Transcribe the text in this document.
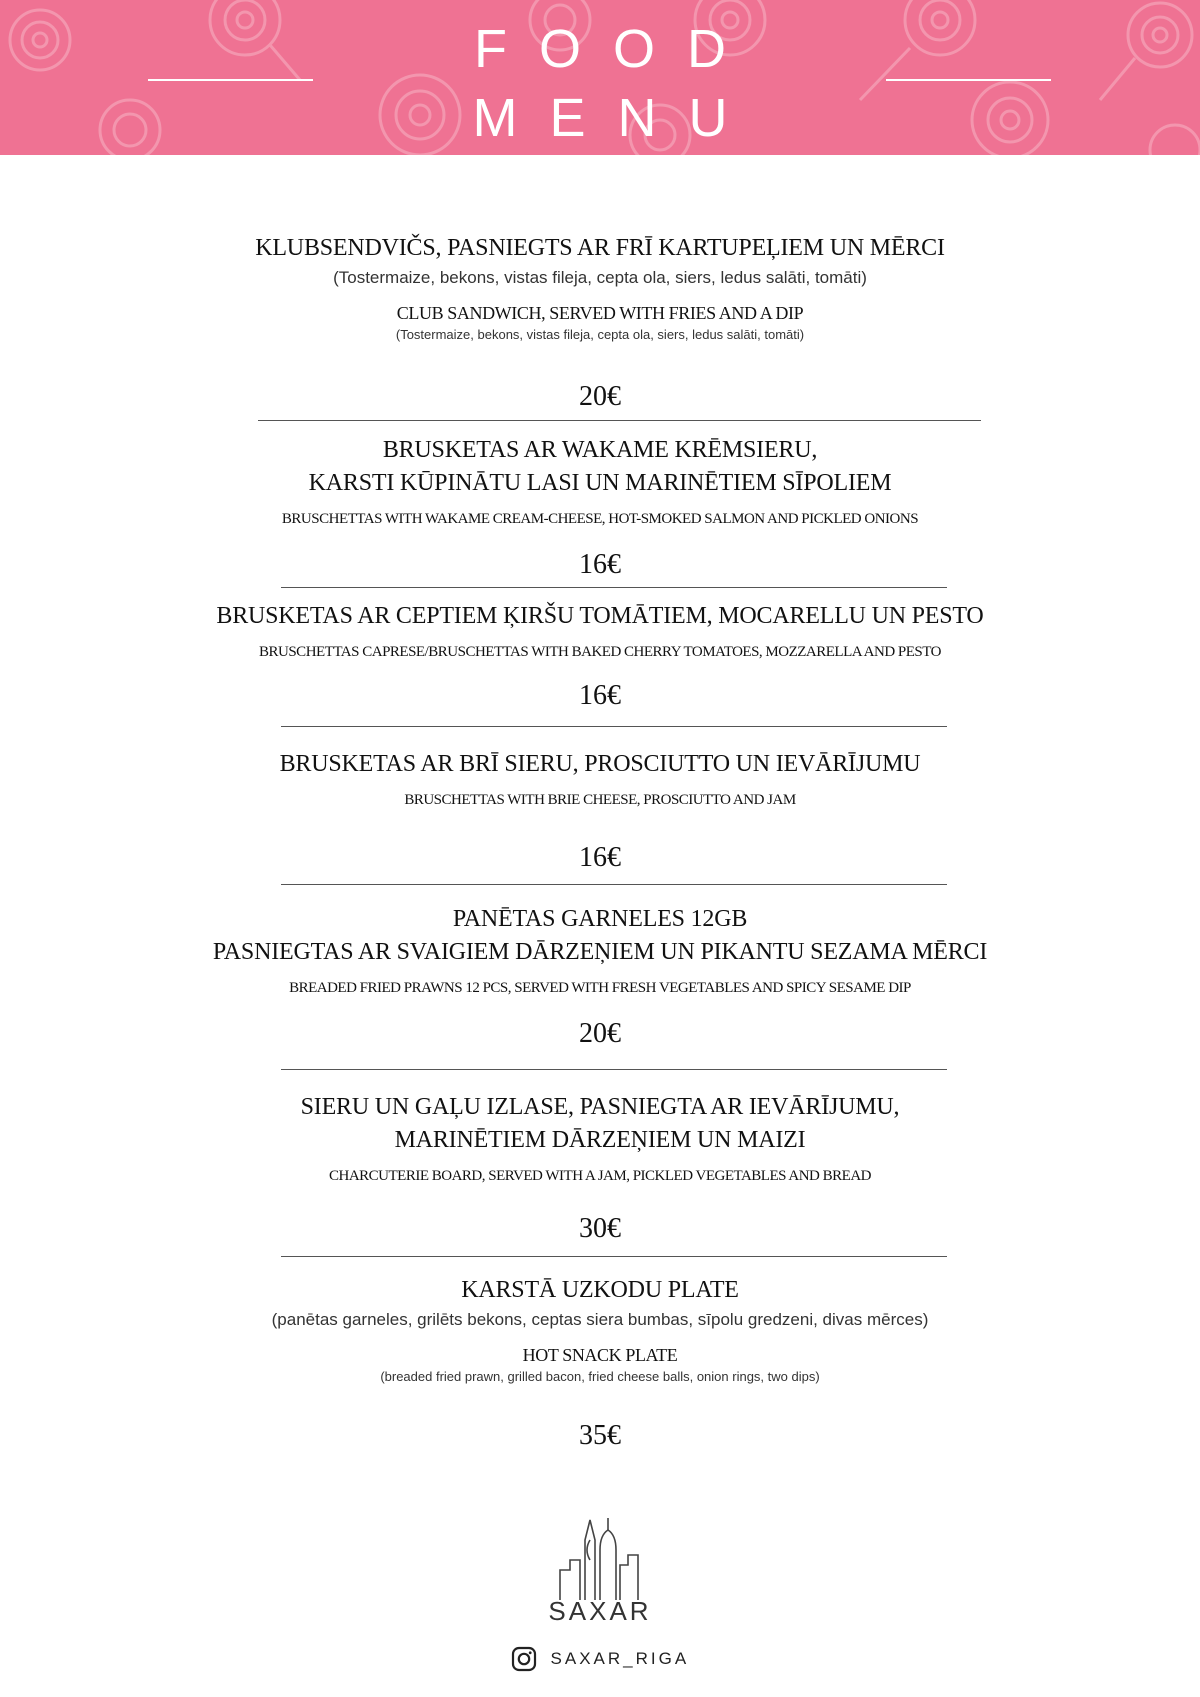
FOOD
MENU
KLUBSENDVIČS, PASNIEGTS AR FRĪ KARTUPEĻIEM UN MĒRCI
(Tostermaize, bekons, vistas fileja, cepta ola, siers, ledus salāti, tomāti)
CLUB SANDWICH, SERVED WITH FRIES AND A DIP
(Tostermaize, bekons, vistas fileja, cepta ola, siers, ledus salāti, tomāti)
20€
BRUSKETAS AR WAKAME KRĒMSIERU,
KARSTI KŪPINĀTU LASI UN MARINĒTIEM SĪPOLIEM
BRUSCHETTAS WITH WAKAME CREAM-CHEESE, HOT-SMOKED SALMON AND PICKLED ONIONS
16€
BRUSKETAS AR CEPTIEM ĶIRŠU TOMĀTIEM, MOCARELLU UN PESTO
BRUSCHETTAS CAPRESE/BRUSCHETTAS WITH BAKED CHERRY TOMATOES, MOZZARELLA AND PESTO
16€
BRUSKETAS AR BRĪ SIERU, PROSCIUTTO UN IEVĀRĪJUMU
BRUSCHETTAS WITH BRIE CHEESE, PROSCIUTTO AND JAM
16€
PANĒTAS GARNELES 12GB
PASNIEGTAS AR SVAIGIEM DĀRZEŅIEM UN PIKANTU SEZAMA MĒRCI
BREADED FRIED PRAWNS 12 PCS, SERVED WITH FRESH VEGETABLES AND SPICY SESAME DIP
20€
SIERU UN GAĻU IZLASE, PASNIEGTA AR IEVĀRĪJUMU,
MARINĒTIEM DĀRZEŅIEM UN MAIZI
CHARCUTERIE BOARD, SERVED WITH A JAM, PICKLED VEGETABLES AND BREAD
30€
KARSTĀ UZKODU PLATE
(panētas garneles, grilēts bekons, ceptas siera bumbas, sīpolu gredzeni, divas mērces)
HOT SNACK PLATE
(breaded fried prawn, grilled bacon, fried cheese balls, onion rings, two dips)
35€
SAXAR
SAXAR_RIGA
